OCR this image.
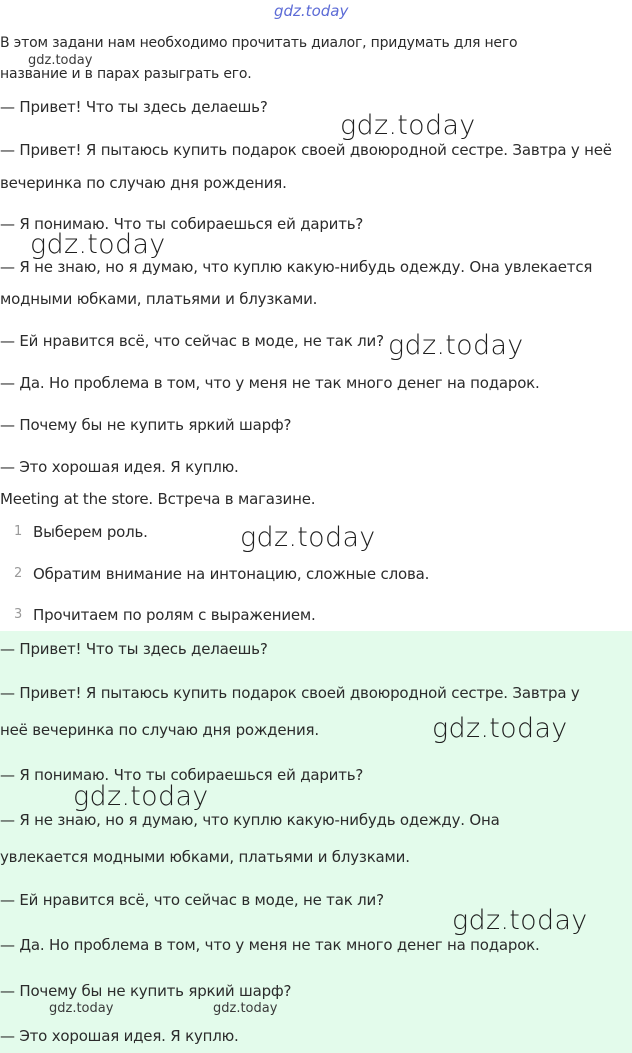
gdz.today
В этом задани нам необходимо прочитать диалог, придумать для него
название и в парах разыграть его.
— Привет! Что ты здесь делаешь?
— Привет! Я пытаюсь купить подарок своей двоюродной сестре. Завтра у неё
вечеринка по случаю дня рождения.
— Я понимаю. Что ты собираешься ей дарить?
— Я не знаю, но я думаю, что куплю какую-нибудь одежду. Она увлекается
модными юбками, платьями и блузками.
— Ей нравится всё, что сейчас в моде, не так ли?
— Да. Но проблема в том, что у меня не так много денег на подарок.
— Почему бы не купить яркий шарф?
— Это хорошая идея. Я куплю.
Meeting at the store. Встреча в магазине.
1 Выберем роль.
2 Обратим внимание на интонацию, сложные слова.
3 Прочитаем по ролям с выражением.
— Привет! Что ты здесь делаешь?
— Привет! Я пытаюсь купить подарок своей двоюродной сестре. Завтра у
неё вечеринка по случаю дня рождения.
— Я понимаю. Что ты собираешься ей дарить?
— Я не знаю, но я думаю, что куплю какую-нибудь одежду. Она
увлекается модными юбками, платьями и блузками.
— Ей нравится всё, что сейчас в моде, не так ли?
— Да. Но проблема в том, что у меня не так много денег на подарок.
— Почему бы не купить яркий шарф?
— Это хорошая идея. Я куплю.
gdz.today
gdz.today
gdz.today
gdz.today
gdz.today
gdz.today
gdz.today
gdz.today
gdz.today	gdz.today
